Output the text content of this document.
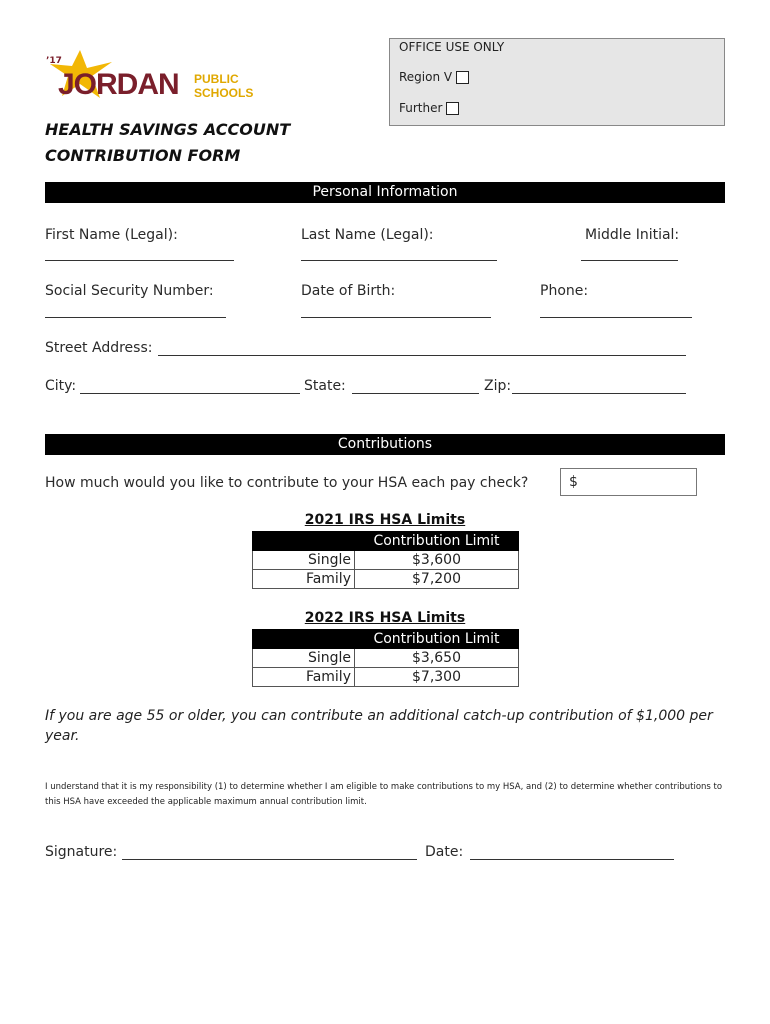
’17
JORDAN PUBLIC
SCHOOLS
OFFICE USE ONLY
Region V
Further
HEALTH SAVINGS ACCOUNT
CONTRIBUTION FORM
Personal Information
First Name (Legal):	Last Name (Legal):	Middle Initial:
Social Security Number:	Date of Birth:	Phone:
Street Address:
City:	State:	Zip:
Contributions
How much would you like to contribute to your HSA each pay check?	$
2021 IRS HSA Limits
	Contribution Limit
Single	$3,600
Family	$7,200
2022 IRS HSA Limits
	Contribution Limit
Single	$3,650
Family	$7,300
If you are age 55 or older, you can contribute an additional catch-up contribution of $1,000 per year.
I understand that it is my responsibility (1) to determine whether I am eligible to make contributions to my HSA, and (2) to determine whether contributions to this HSA have exceeded the applicable maximum annual contribution limit.
Signature:	Date:
